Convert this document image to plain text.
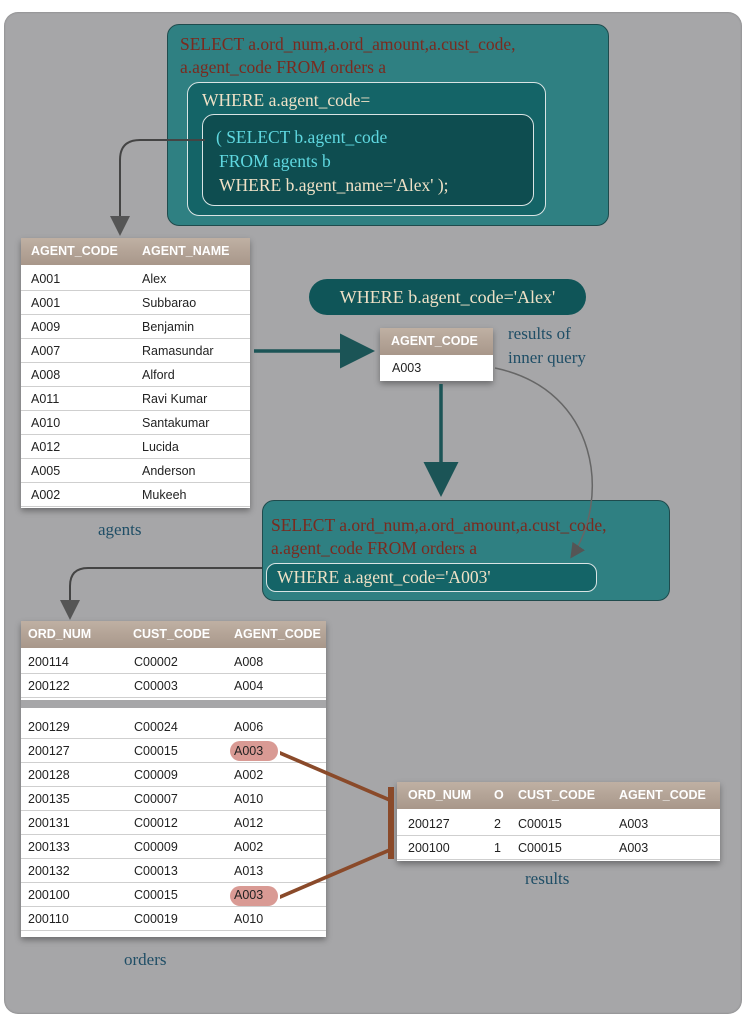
SELECT a.ord_num,a.ord_amount,a.cust_code,
a.agent_code FROM orders a
WHERE a.agent_code=
( SELECT b.agent_code
FROM agents b
WHERE b.agent_name='Alex' );
AGENT_CODE AGENT_NAME
A001	Alex
A001	Subbarao
A009	Benjamin
A007	Ramasundar
A008	Alford
A011	Ravi Kumar
A010	Santakumar
A012	Lucida
A005	Anderson
A002	Mukeeh
agents
WHERE b.agent_code='Alex'
AGENT_CODE
A003
results of
inner query
SELECT a.ord_num,a.ord_amount,a.cust_code,
a.agent_code FROM orders a
WHERE a.agent_code='A003'
ORD_NUM	CUST_CODE AGENT_CODE
200114	C00002	A008
200122	C00003	A004
200129	C00024	A006
200127	C00015	A003
200128	C00009	A002
200135	C00007	A010
200131	C00012	A012
200133	C00009	A002
200132	C00013	A013
200100	C00015	A003
200110	C00019	A010
orders
ORD_NUM O CUST_CODE AGENT_CODE
200127	2 C00015	A003
200100	1 C00015	A003
results
